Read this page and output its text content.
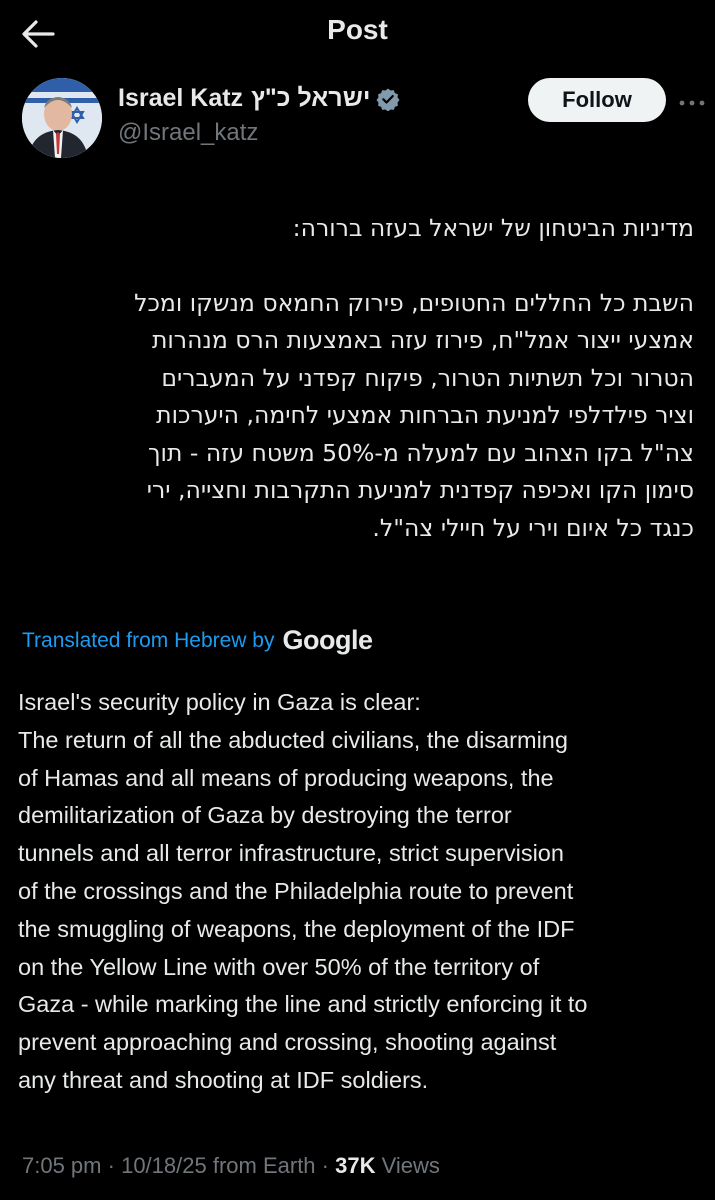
Post
Israel Katz ישראל כ"ץ
@Israel_katz
Follow

מדיניות הביטחון של ישראל בעזה ברורה:

השבת כל החללים החטופים, פירוק החמאס מנשקו ומכל

אמצעי ייצור אמל"ח, פירוז עזה באמצעות הרס מנהרות

הטרור וכל תשתיות הטרור, פיקוח קפדני על המעברים

וציר פילדלפי למניעת הברחות אמצעי לחימה, היערכות

צה"ל בקו הצהוב עם למעלה מ-50% משטח עזה - תוך

סימון הקו ואכיפה קפדנית למניעת התקרבות וחצייה, ירי

כנגד כל איום וירי על חיילי צה"ל.

Translated from Hebrew by Google

Israel's security policy in Gaza is clear:

The return of all the abducted civilians, the disarming

of Hamas and all means of producing weapons, the

demilitarization of Gaza by destroying the terror

tunnels and all terror infrastructure, strict supervision

of the crossings and the Philadelphia route to prevent

the smuggling of weapons, the deployment of the IDF

on the Yellow Line with over 50% of the territory of

Gaza - while marking the line and strictly enforcing it to

prevent approaching and crossing, shooting against

any threat and shooting at IDF soldiers.

7:05 pm · 10/18/25 from Earth · 37K Views
